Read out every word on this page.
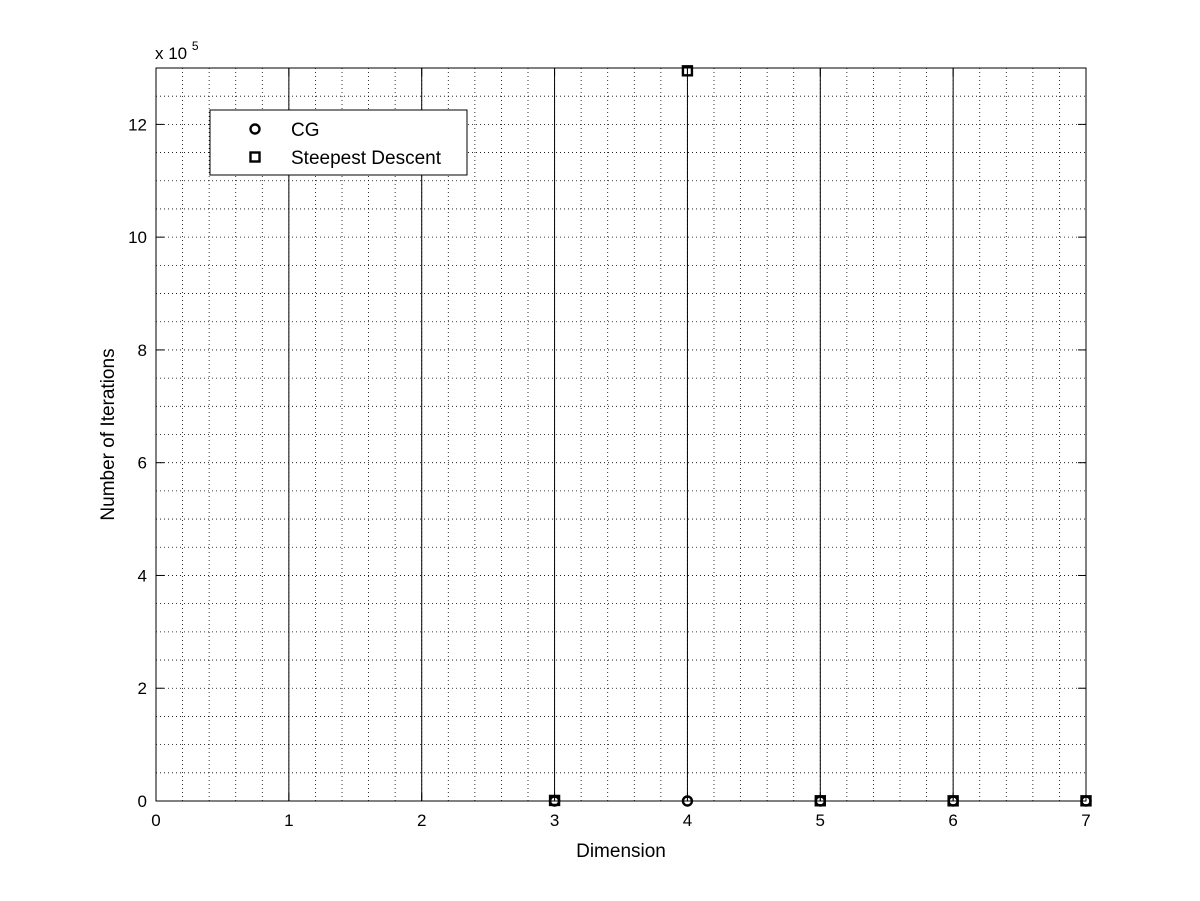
0	1	2	3	4	5	6	7
0
2
4
6
8
10
12
Dimension
Number of Iterations
x 10 $^5$
CG
Steepest Descent
